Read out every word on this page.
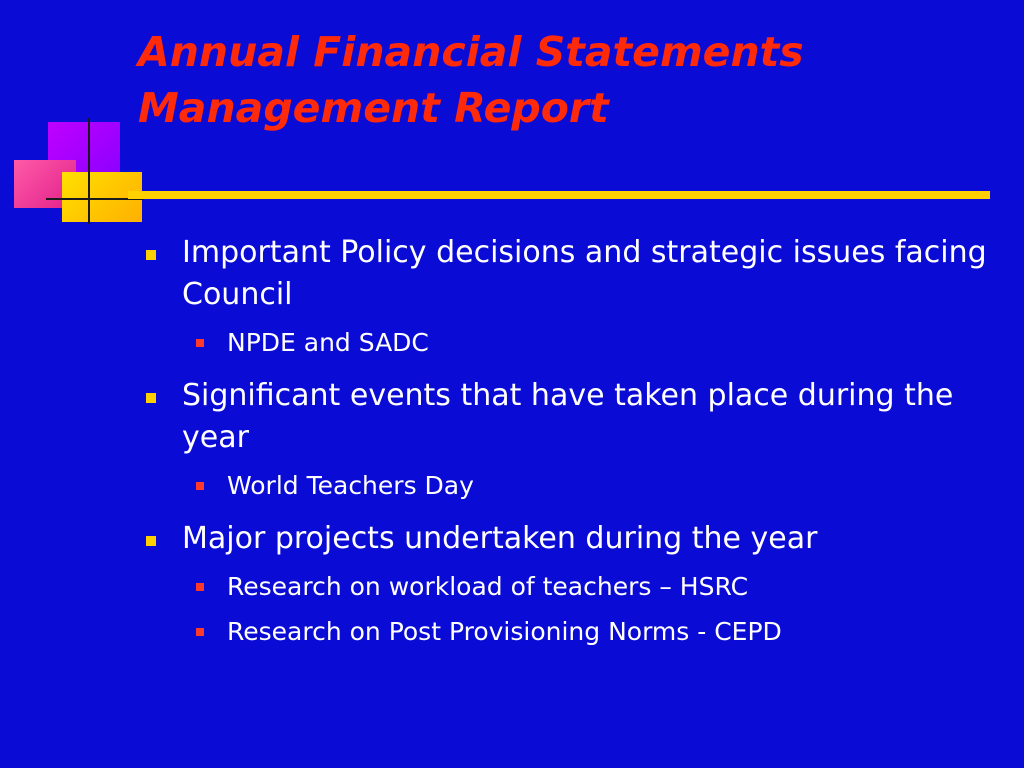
Annual Financial Statements
Management Report
Important Policy decisions and strategic issues facing Council
NPDE and SADC
Significant events that have taken place during the year
World Teachers Day
Major projects undertaken during the year
Research on workload of teachers – HSRC
Research on Post Provisioning Norms - CEPD
